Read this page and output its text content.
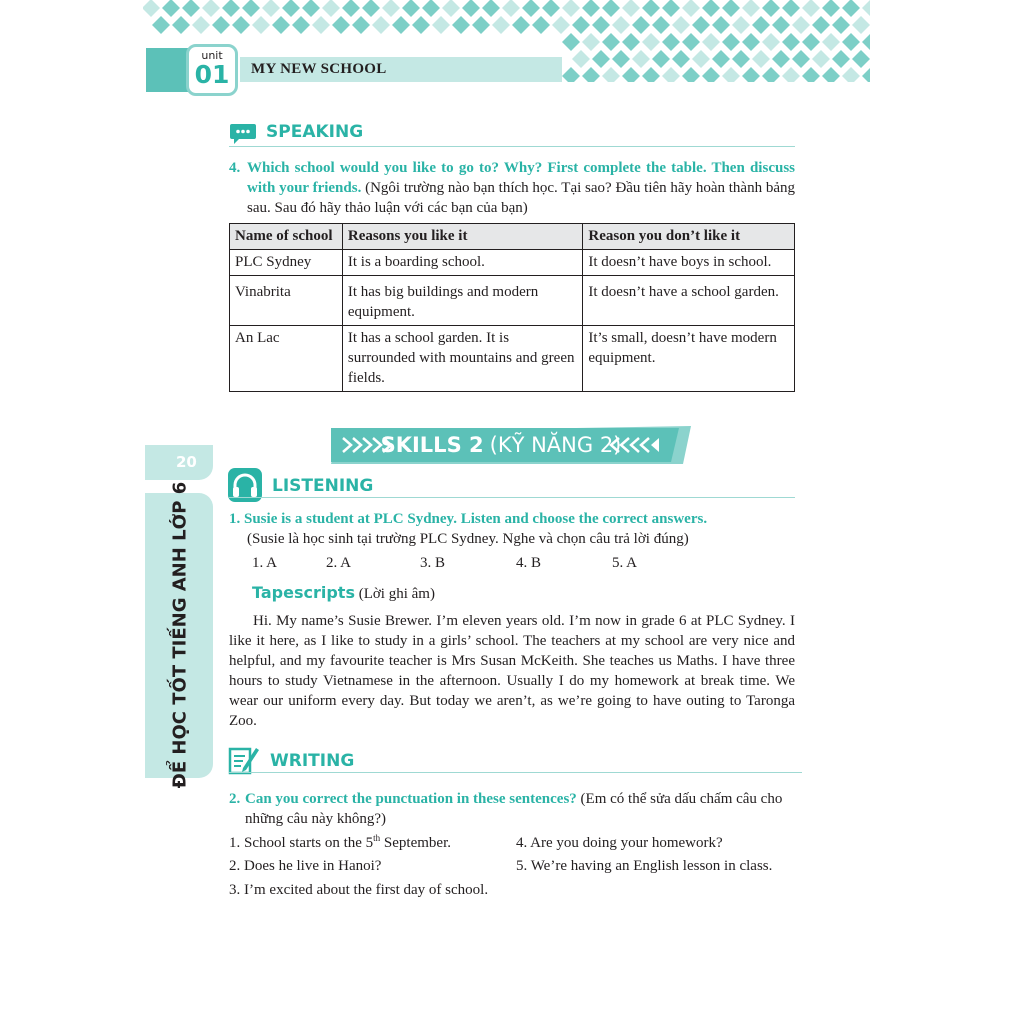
unit
01	MY NEW SCHOOL
SPEAKING
4. Which school would you like to go to? Why? First complete the table. Then discuss with your friends. (Ngôi trường nào bạn thích học. Tại sao? Đầu tiên hãy hoàn thành bảng sau. Sau đó hãy thảo luận với các bạn của bạn)
Name of school	Reasons you like it	Reason you don’t like it
PLC Sydney	It is a boarding school.	It doesn’t have boys in school.
Vinabrita	It has big buildings and modern equipment.	It doesn’t have a school garden.
An Lac	It has a school garden. It is surrounded with mountains and green fields.	It’s small, doesn’t have modern equipment.
SKILLS 2 (KỸ NĂNG 2)
20
ĐỂ HỌC TỐT TIẾNG ANH LỚP 6	LISTENING
1. Susie is a student at PLC Sydney. Listen and choose the correct answers.
(Susie là học sinh tại trường PLC Sydney. Nghe và chọn câu trả lời đúng)
1. A	2. A	3. B	4. B	5. A
Tapescripts (Lời ghi âm)
Hi. My name’s Susie Brewer. I’m eleven years old. I’m now in grade 6 at PLC Sydney. I like it here, as I like to study in a girls’ school. The teachers at my school are very nice and helpful, and my favourite teacher is Mrs Susan McKeith. She teaches us Maths. I have three hours to study Vietnamese in the afternoon. Usually I do my homework at break time. We wear our uniform every day. But today we aren’t, as we’re going to have outing to Taronga Zoo.
WRITING
2. Can you correct the punctuation in these sentences? (Em có thể sửa dấu chấm câu cho những câu này không?)
1. School starts on the 5th September.
2. Does he live in Hanoi?
3. I’m excited about the first day of school.
4. Are you doing your homework?
5. We’re having an English lesson in class.
